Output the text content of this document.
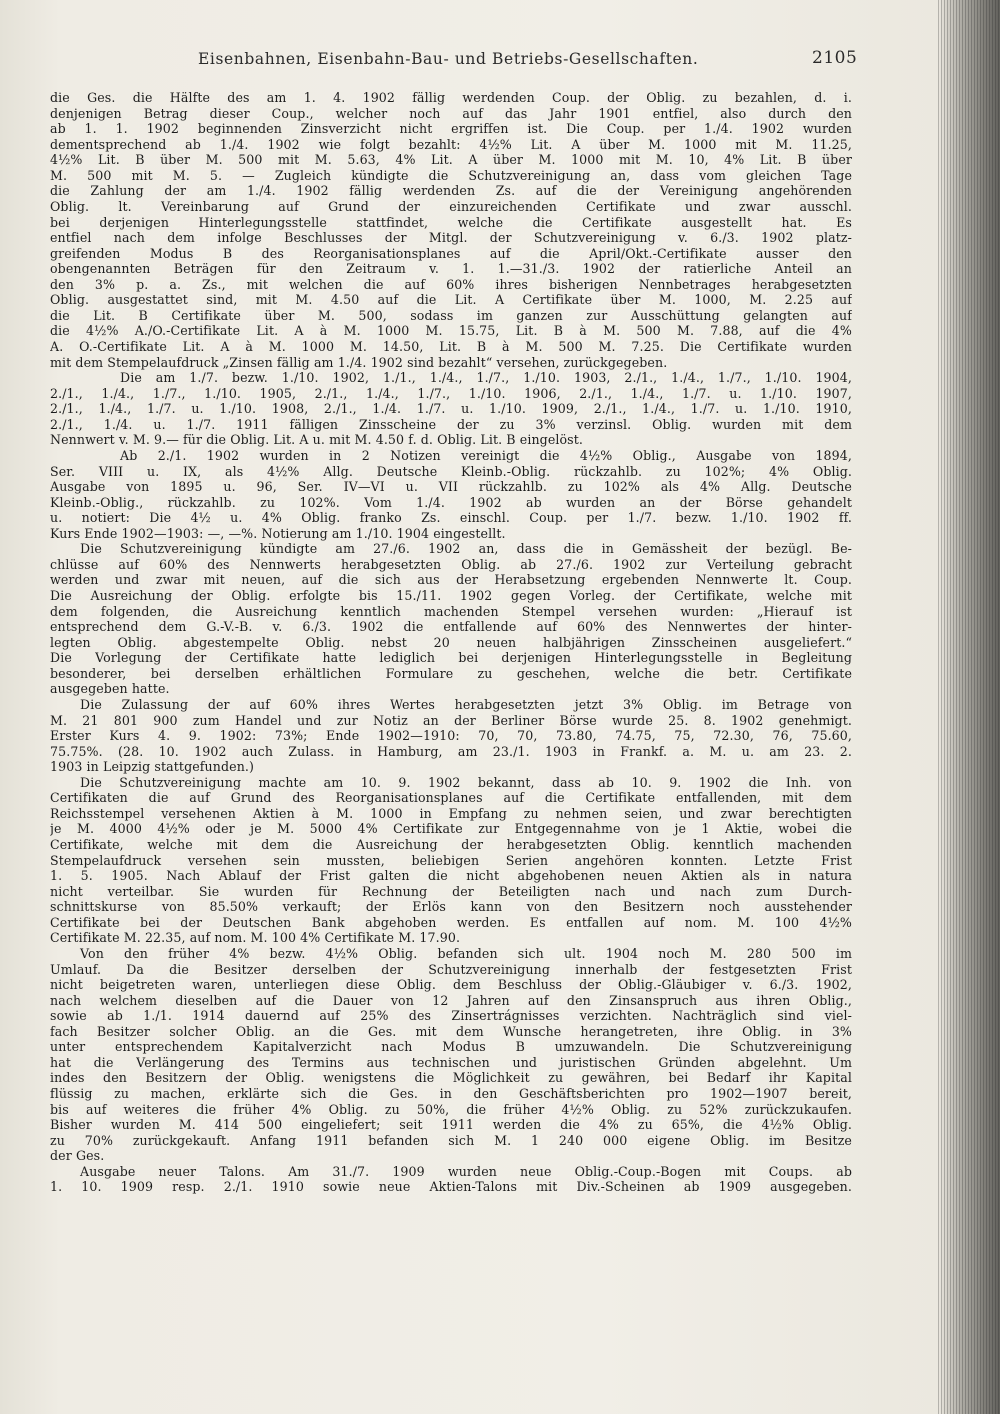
Eisenbahnen, Eisenbahn-Bau- und Betriebs-Gesellschaften.	2105
die Ges. die Hälfte des am 1. 4. 1902 fällig werdenden Coup. der Oblig. zu bezahlen, d. i.
denjenigen Betrag dieser Coup., welcher noch auf das Jahr 1901 entfiel, also durch den
ab 1. 1. 1902 beginnenden Zinsverzicht nicht ergriffen ist. Die Coup. per 1./4. 1902 wurden
dementsprechend ab 1./4. 1902 wie folgt bezahlt: 4½% Lit. A über M. 1000 mit M. 11.25,
4½% Lit. B über M. 500 mit M. 5.63, 4% Lit. A über M. 1000 mit M. 10, 4% Lit. B über
M. 500 mit M. 5. — Zugleich kündigte die Schutzvereinigung an, dass vom gleichen Tage
die Zahlung der am 1./4. 1902 fällig werdenden Zs. auf die der Vereinigung angehörenden
Oblig. lt. Vereinbarung auf Grund der einzureichenden Certifikate und zwar ausschl.
bei derjenigen Hinterlegungsstelle stattfindet, welche die Certifikate ausgestellt hat. Es
entfiel nach dem infolge Beschlusses der Mitgl. der Schutzvereinigung v. 6./3. 1902 platz-
greifenden Modus B des Reorganisationsplanes auf die April/Okt.-Certifikate ausser den
obengenannten Beträgen für den Zeitraum v. 1. 1.—31./3. 1902 der ratierliche Anteil an
den 3% p. a. Zs., mit welchen die auf 60% ihres bisherigen Nennbetrages herabgesetzten
Oblig. ausgestattet sind, mit M. 4.50 auf die Lit. A Certifikate über M. 1000, M. 2.25 auf
die Lit. B Certifikate über M. 500, sodass im ganzen zur Ausschüttung gelangten auf
die 4½% A./O.-Certifikate Lit. A à M. 1000 M. 15.75, Lit. B à M. 500 M. 7.88, auf die 4%
A. O.-Certifikate Lit. A à M. 1000 M. 14.50, Lit. B à M. 500 M. 7.25. Die Certifikate wurden
mit dem Stempelaufdruck „Zinsen fällig am 1./4. 1902 sind bezahlt“ versehen, zurückgegeben.
Die am 1./7. bezw. 1./10. 1902, 1./1., 1./4., 1./7., 1./10. 1903, 2./1., 1./4., 1./7., 1./10. 1904,
2./1., 1./4., 1./7., 1./10. 1905, 2./1., 1./4., 1./7., 1./10. 1906, 2./1., 1./4., 1./7. u. 1./10. 1907,
2./1., 1./4., 1./7. u. 1./10. 1908, 2./1., 1./4. 1./7. u. 1./10. 1909, 2./1., 1./4., 1./7. u. 1./10. 1910,
2./1., 1./4. u. 1./7. 1911 fälligen Zinsscheine der zu 3% verzinsl. Oblig. wurden mit dem
Nennwert v. M. 9.— für die Oblig. Lit. A u. mit M. 4.50 f. d. Oblig. Lit. B eingelöst.
Ab 2./1. 1902 wurden in 2 Notizen vereinigt die 4½% Oblig., Ausgabe von 1894,
Ser. VIII u. IX, als 4½% Allg. Deutsche Kleinb.-Oblig. rückzahlb. zu 102%; 4% Oblig.
Ausgabe von 1895 u. 96, Ser. IV—VI u. VII rückzahlb. zu 102% als 4% Allg. Deutsche
Kleinb.-Oblig., rückzahlb. zu 102%. Vom 1./4. 1902 ab wurden an der Börse gehandelt
u. notiert: Die 4½ u. 4% Oblig. franko Zs. einschl. Coup. per 1./7. bezw. 1./10. 1902 ff.
Kurs Ende 1902—1903: —, —%. Notierung am 1./10. 1904 eingestellt.
Die Schutzvereinigung kündigte am 27./6. 1902 an, dass die in Gemässheit der bezügl. Be-
chlüsse auf 60% des Nennwerts herabgesetzten Oblig. ab 27./6. 1902 zur Verteilung gebracht
werden und zwar mit neuen, auf die sich aus der Herabsetzung ergebenden Nennwerte lt. Coup.
Die Ausreichung der Oblig. erfolgte bis 15./11. 1902 gegen Vorleg. der Certifikate, welche mit
dem folgenden, die Ausreichung kenntlich machenden Stempel versehen wurden: „Hierauf ist
entsprechend dem G.-V.-B. v. 6./3. 1902 die entfallende auf 60% des Nennwertes der hinter-
legten Oblig. abgestempelte Oblig. nebst 20 neuen halbjährigen Zinsscheinen ausgeliefert.“
Die Vorlegung der Certifikate hatte lediglich bei derjenigen Hinterlegungsstelle in Begleitung
besonderer, bei derselben erhältlichen Formulare zu geschehen, welche die betr. Certifikate
ausgegeben hatte.
Die Zulassung der auf 60% ihres Wertes herabgesetzten jetzt 3% Oblig. im Betrage von
M. 21 801 900 zum Handel und zur Notiz an der Berliner Börse wurde 25. 8. 1902 genehmigt.
Erster Kurs 4. 9. 1902: 73%; Ende 1902—1910: 70, 70, 73.80, 74.75, 75, 72.30, 76, 75.60,
75.75%. (28. 10. 1902 auch Zulass. in Hamburg, am 23./1. 1903 in Frankf. a. M. u. am 23. 2.
1903 in Leipzig stattgefunden.)
Die Schutzvereinigung machte am 10. 9. 1902 bekannt, dass ab 10. 9. 1902 die Inh. von
Certifikaten die auf Grund des Reorganisationsplanes auf die Certifikate entfallenden, mit dem
Reichsstempel versehenen Aktien à M. 1000 in Empfang zu nehmen seien, und zwar berechtigten
je M. 4000 4½% oder je M. 5000 4% Certifikate zur Entgegennahme von je 1 Aktie, wobei die
Certifikate, welche mit dem die Ausreichung der herabgesetzten Oblig. kenntlich machenden
Stempelaufdruck versehen sein mussten, beliebigen Serien angehören konnten. Letzte Frist
1. 5. 1905. Nach Ablauf der Frist galten die nicht abgehobenen neuen Aktien als in natura
nicht verteilbar. Sie wurden für Rechnung der Beteiligten nach und nach zum Durch-
schnittskurse von 85.50% verkauft; der Erlös kann von den Besitzern noch ausstehender
Certifikate bei der Deutschen Bank abgehoben werden. Es entfallen auf nom. M. 100 4½%
Certifikate M. 22.35, auf nom. M. 100 4% Certifikate M. 17.90.
Von den früher 4% bezw. 4½% Oblig. befanden sich ult. 1904 noch M. 280 500 im
Umlauf. Da die Besitzer derselben der Schutzvereinigung innerhalb der festgesetzten Frist
nicht beigetreten waren, unterliegen diese Oblig. dem Beschluss der Oblig.-Gläubiger v. 6./3. 1902,
nach welchem dieselben auf die Dauer von 12 Jahren auf den Zinsanspruch aus ihren Oblig.,
sowie ab 1./1. 1914 dauernd auf 25% des Zinsertrágnisses verzichten. Nachträglich sind viel-
fach Besitzer solcher Oblig. an die Ges. mit dem Wunsche herangetreten, ihre Oblig. in 3%
unter entsprechendem Kapitalverzicht nach Modus B umzuwandeln. Die Schutzvereinigung
hat die Verlängerung des Termins aus technischen und juristischen Gründen abgelehnt. Um
indes den Besitzern der Oblig. wenigstens die Möglichkeit zu gewähren, bei Bedarf ihr Kapital
flüssig zu machen, erklärte sich die Ges. in den Geschäftsberichten pro 1902—1907 bereit,
bis auf weiteres die früher 4% Oblig. zu 50%, die früher 4½% Oblig. zu 52% zurückzukaufen.
Bisher wurden M. 414 500 eingeliefert; seit 1911 werden die 4% zu 65%, die 4½% Oblig.
zu 70% zurückgekauft. Anfang 1911 befanden sich M. 1 240 000 eigene Oblig. im Besitze
der Ges.
Ausgabe neuer Talons. Am 31./7. 1909 wurden neue Oblig.-Coup.-Bogen mit Coups. ab
1. 10. 1909 resp. 2./1. 1910 sowie neue Aktien-Talons mit Div.-Scheinen ab 1909 ausgegeben.
